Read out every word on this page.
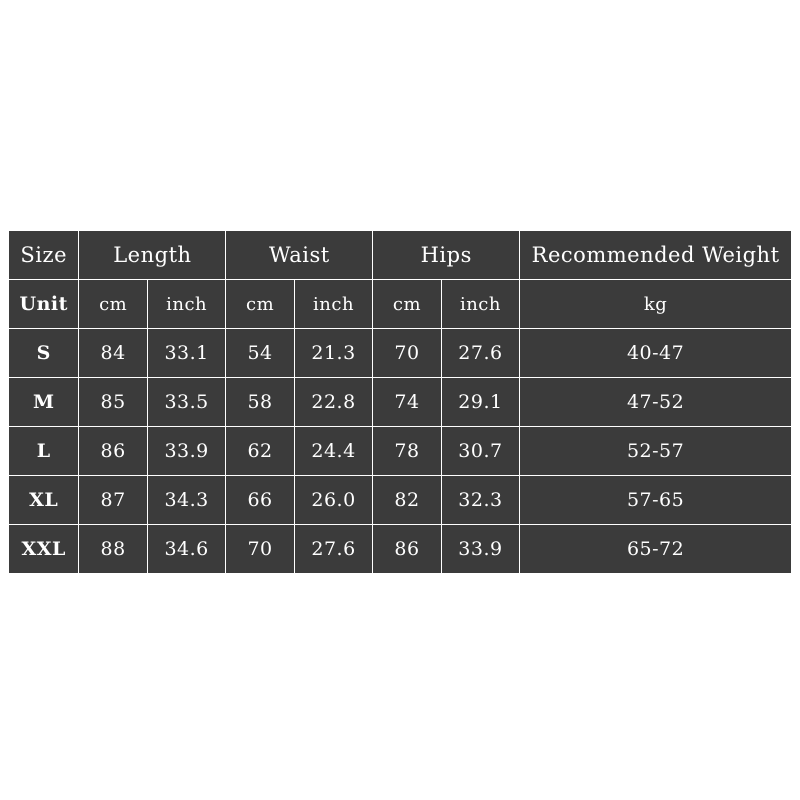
Size	Length		Waist		Hips		Recommended Weight
Unit	cm	inch	cm	inch	cm	inch	kg
S	84	33.1	54	21.3	70	27.6	40-47
M	85	33.5	58	22.8	74	29.1	47-52
L	86	33.9	62	24.4	78	30.7	52-57
XL	87	34.3	66	26.0	82	32.3	57-65
XXL	88	34.6	70	27.6	86	33.9	65-72
